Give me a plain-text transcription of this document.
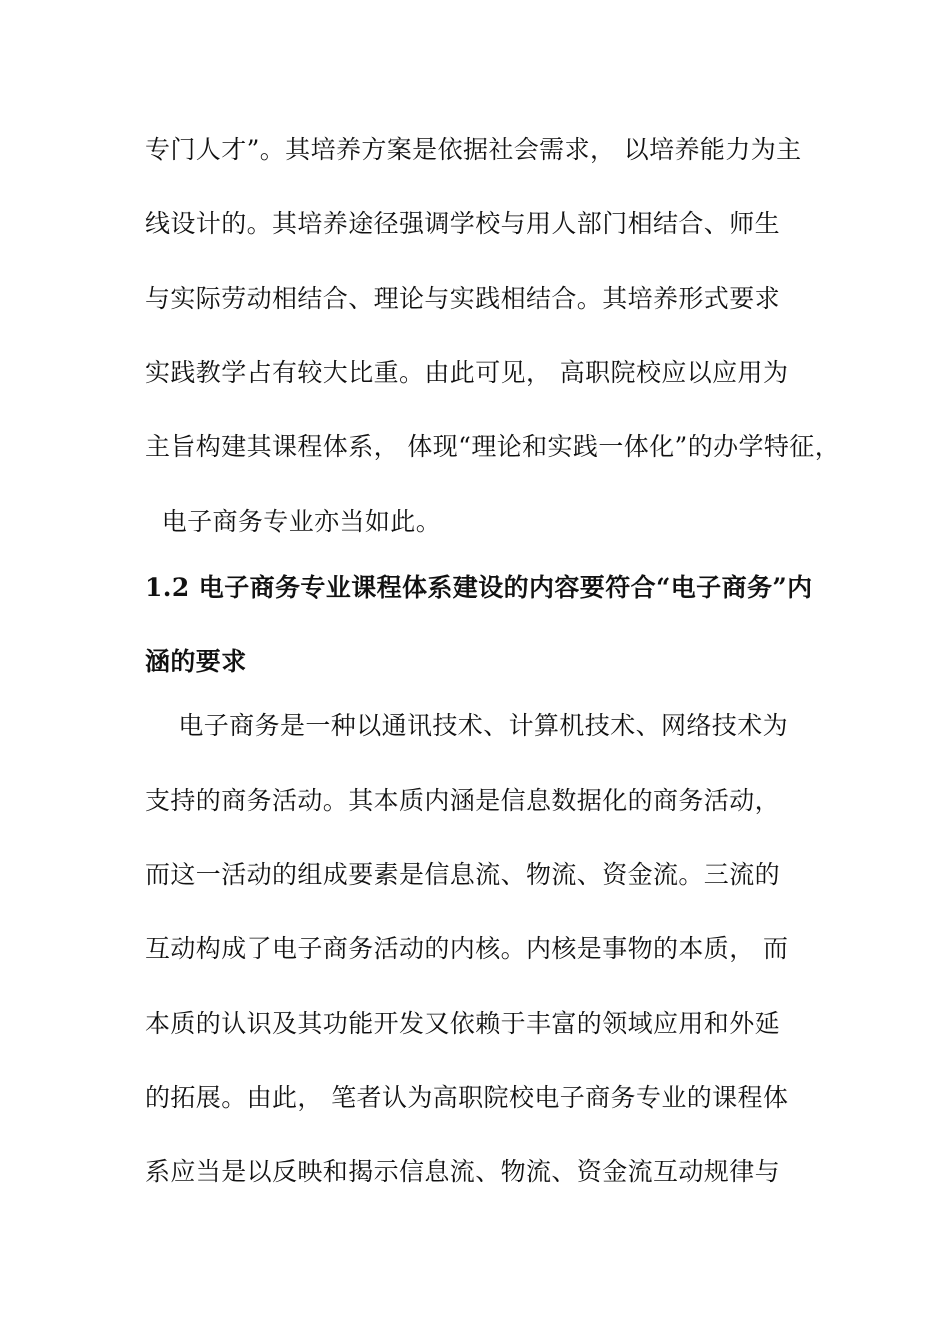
专门人才”。其培养方案是依据社会需求， 以培养能力为主
线设计的。其培养途径强调学校与用人部门相结合、师生
与实际劳动相结合、理论与实践相结合。其培养形式要求
实践教学占有较大比重。由此可见， 高职院校应以应用为
主旨构建其课程体系， 体现“理论和实践一体化”的办学特征，
电子商务专业亦当如此。
1.2 电子商务专业课程体系建设的内容要符合“电子商务”内
涵的要求
电子商务是一种以通讯技术、计算机技术、网络技术为
支持的商务活动。其本质内涵是信息数据化的商务活动，
而这一活动的组成要素是信息流、物流、资金流。三流的
互动构成了电子商务活动的内核。内核是事物的本质， 而
本质的认识及其功能开发又依赖于丰富的领域应用和外延
的拓展。由此， 笔者认为高职院校电子商务专业的课程体
系应当是以反映和揭示信息流、物流、资金流互动规律与
